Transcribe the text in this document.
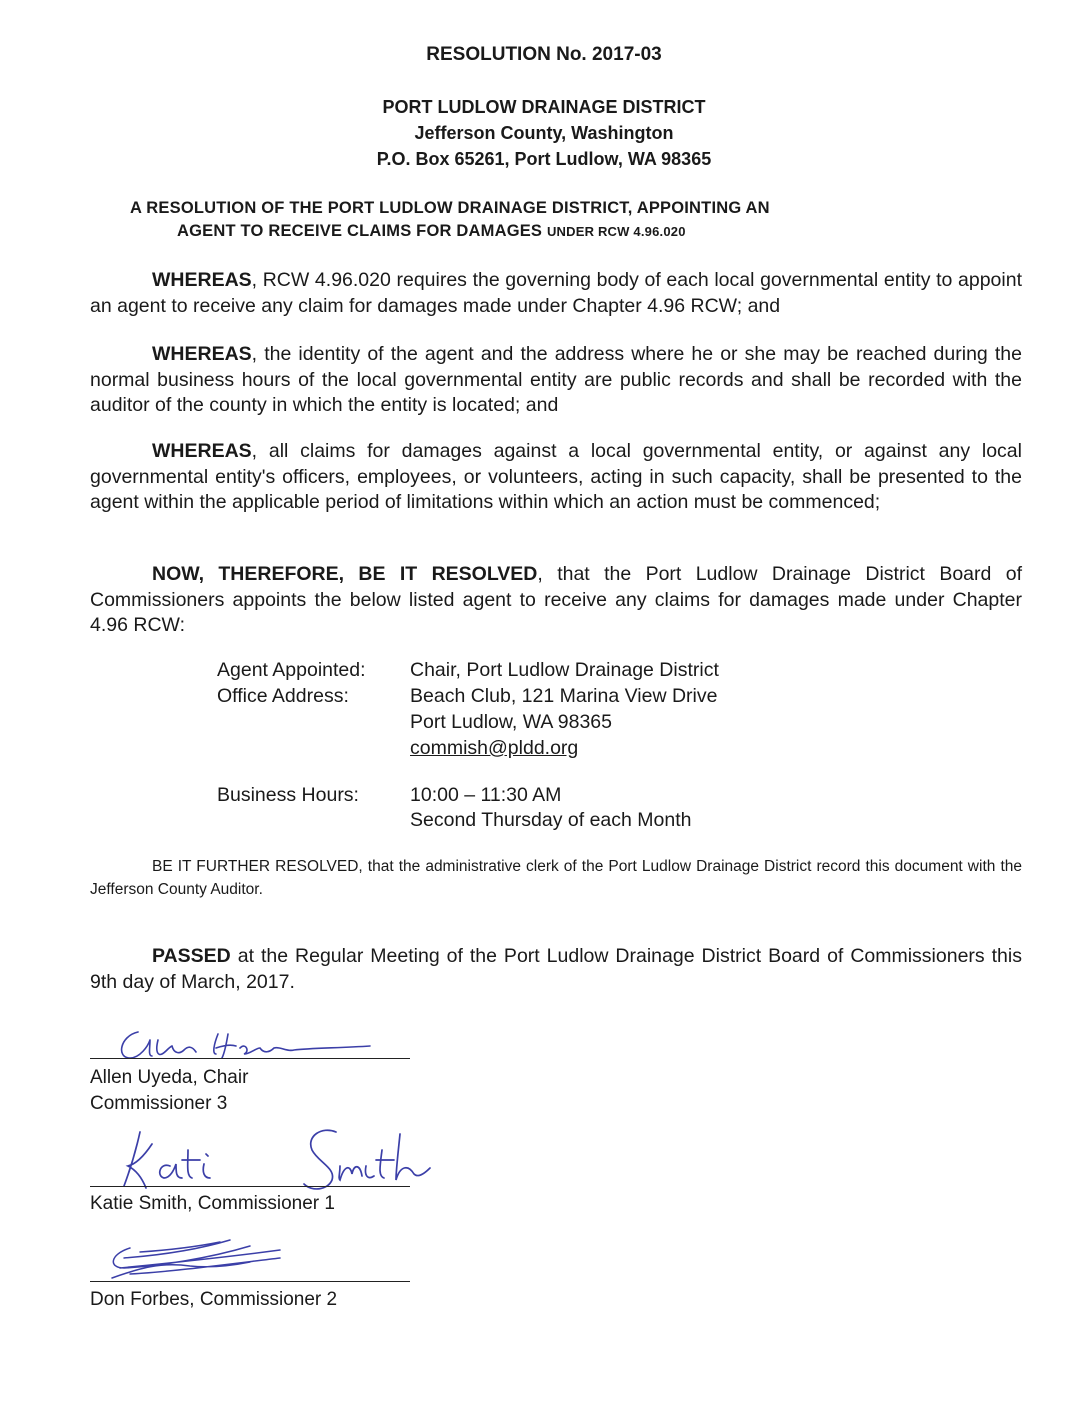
RESOLUTION No. 2017-03
PORT LUDLOW DRAINAGE DISTRICT
Jefferson County, Washington
P.O. Box 65261, Port Ludlow, WA 98365
A RESOLUTION OF THE PORT LUDLOW DRAINAGE DISTRICT, APPOINTING AN
AGENT TO RECEIVE CLAIMS FOR DAMAGES UNDER RCW 4.96.020

WHEREAS, RCW 4.96.020 requires the governing body of each local governmental entity to appoint an agent to receive any claim for damages made under Chapter 4.96 RCW; and

WHEREAS, the identity of the agent and the address where he or she may be reached during the normal business hours of the local governmental entity are public records and shall be recorded with the auditor of the county in which the entity is located; and

WHEREAS, all claims for damages against a local governmental entity, or against any local governmental entity's officers, employees, or volunteers, acting in such capacity, shall be presented to the agent within the applicable period of limitations within which an action must be commenced;

NOW, THEREFORE, BE IT RESOLVED, that the Port Ludlow Drainage District Board of Commissioners appoints the below listed agent to receive any claims for damages made under Chapter 4.96 RCW:

Agent Appointed: Chair, Port Ludlow Drainage District
Office Address:	Beach Club, 121 Marina View Drive
Port Ludlow, WA 98365
commish@pldd.org
Business Hours:	10:00 – 11:30 AM
Second Thursday of each Month

BE IT FURTHER RESOLVED, that the administrative clerk of the Port Ludlow Drainage District record this document with the Jefferson County Auditor.

PASSED at the Regular Meeting of the Port Ludlow Drainage District Board of Commissioners this 9th day of March, 2017.

Allen Uyeda, Chair
Commissioner 3
Katie Smith, Commissioner 1
Don Forbes, Commissioner 2
